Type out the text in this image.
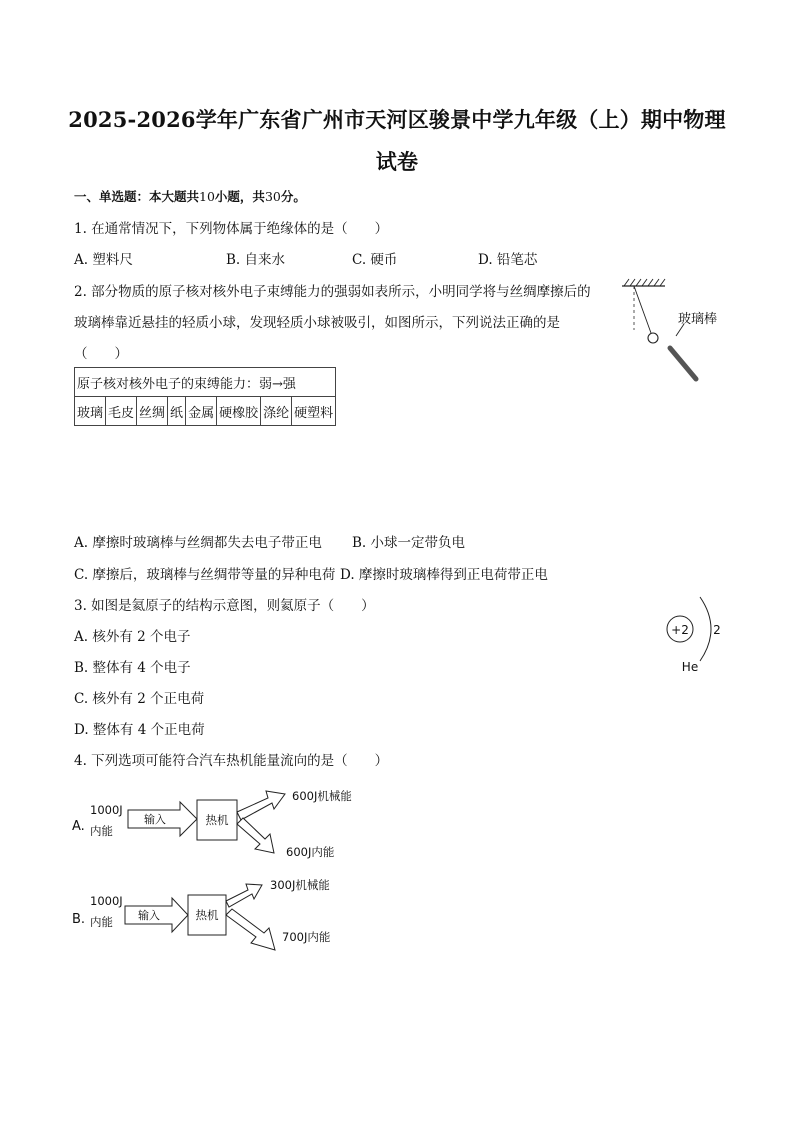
2025-2026学年广东省广州市天河区骏景中学九年级（上）期中物理
试卷
一、单选题：本大题共10小题，共30分。
1. 在通常情况下，下列物体属于绝缘体的是（　　）
A. 塑料尺	B. 自来水	C. 硬币	D. 铅笔芯
2. 部分物质的原子核对核外电子束缚能力的强弱如表所示，小明同学将与丝绸摩擦后的
玻璃棒靠近悬挂的轻质小球，发现轻质小球被吸引，如图所示，下列说法正确的是
（　　）
原子核对核外电子的束缚能力：弱→强
玻璃	毛皮	丝绸	纸	金属	硬橡胶	涤纶	硬塑料
玻璃棒
A. 摩擦时玻璃棒与丝绸都失去电子带正电 B. 小球一定带负电
C. 摩擦后，玻璃棒与丝绸带等量的异种电荷 D. 摩擦时玻璃棒得到正电荷带正电
3. 如图是氦原子的结构示意图，则氦原子（　　）
A. 核外有 2 个电子
B. 整体有 4 个电子
C. 核外有 2 个正电荷
D. 整体有 4 个正电荷
+2 2
He
4. 下列选项可能符合汽车热机能量流向的是（　　）
A.
1000J
内能
输入	热机
600J机械能
600J内能
B.
1000J
内能 输入	热机
300J机械能
700J内能
